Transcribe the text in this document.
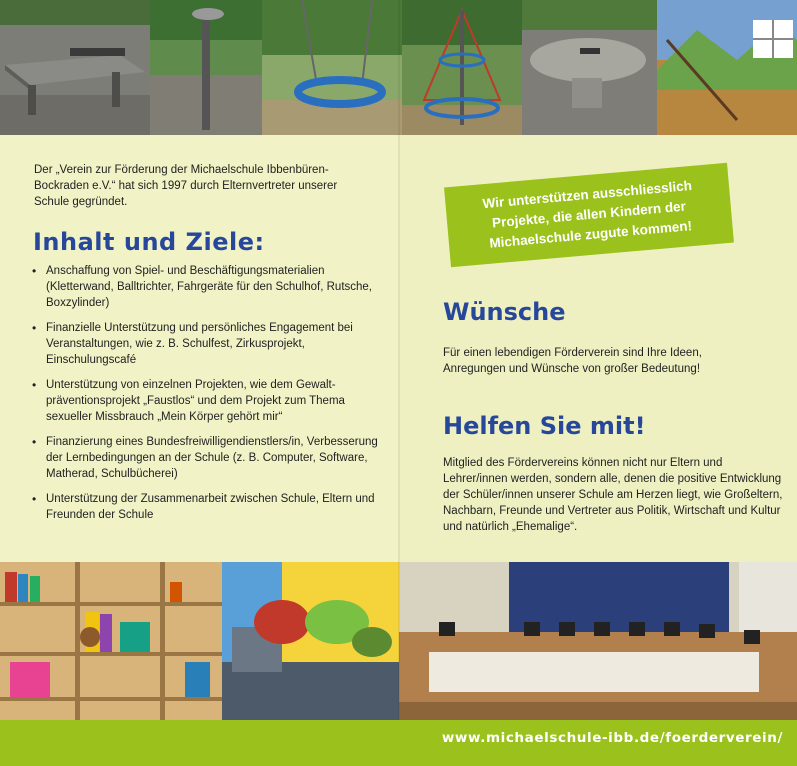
Der „Verein zur Förderung der Michaelschule Ibbenbüren-Bockraden e.V.“ hat sich 1997 durch Elternvertreter unserer Schule gegründet.

Inhalt und Ziele:
• Anschaffung von Spiel- und Beschäftigungsmaterialien (Kletterwand, Balltrichter, Fahrgeräte für den Schulhof, Rutsche, Boxzylinder)
• Finanzielle Unterstützung und persönliches Engagement bei Veranstaltungen, wie z. B. Schulfest, Zirkusprojekt, Einschulungscafé
• Unterstützung von einzelnen Projekten, wie dem Gewalt-präventionsprojekt „Faustlos“ und dem Projekt zum Thema sexueller Missbrauch „Mein Körper gehört mir“
• Finanzierung eines Bundesfreiwilligendienstlers/in, Verbesserung der Lernbedingungen an der Schule (z. B. Computer, Software, Matherad, Schulbücherei)
• Unterstützung der Zusammenarbeit zwischen Schule, Eltern und Freunden der Schule
Wir unterstützen ausschliesslich Projekte, die allen Kindern der Michaelschule zugute kommen!
Wünsche

Für einen lebendigen Förderverein sind Ihre Ideen, Anregungen und Wünsche von großer Bedeutung!

Helfen Sie mit!

Mitglied des Fördervereins können nicht nur Eltern und Lehrer/innen werden, sondern alle, denen die positive Entwicklung der Schüler/innen unserer Schule am Herzen liegt, wie Großeltern, Nachbarn, Freunde und Vertreter aus Politik, Wirtschaft und Kultur und natürlich „Ehemalige“.

www.michaelschule-ibb.de/foerderverein/
